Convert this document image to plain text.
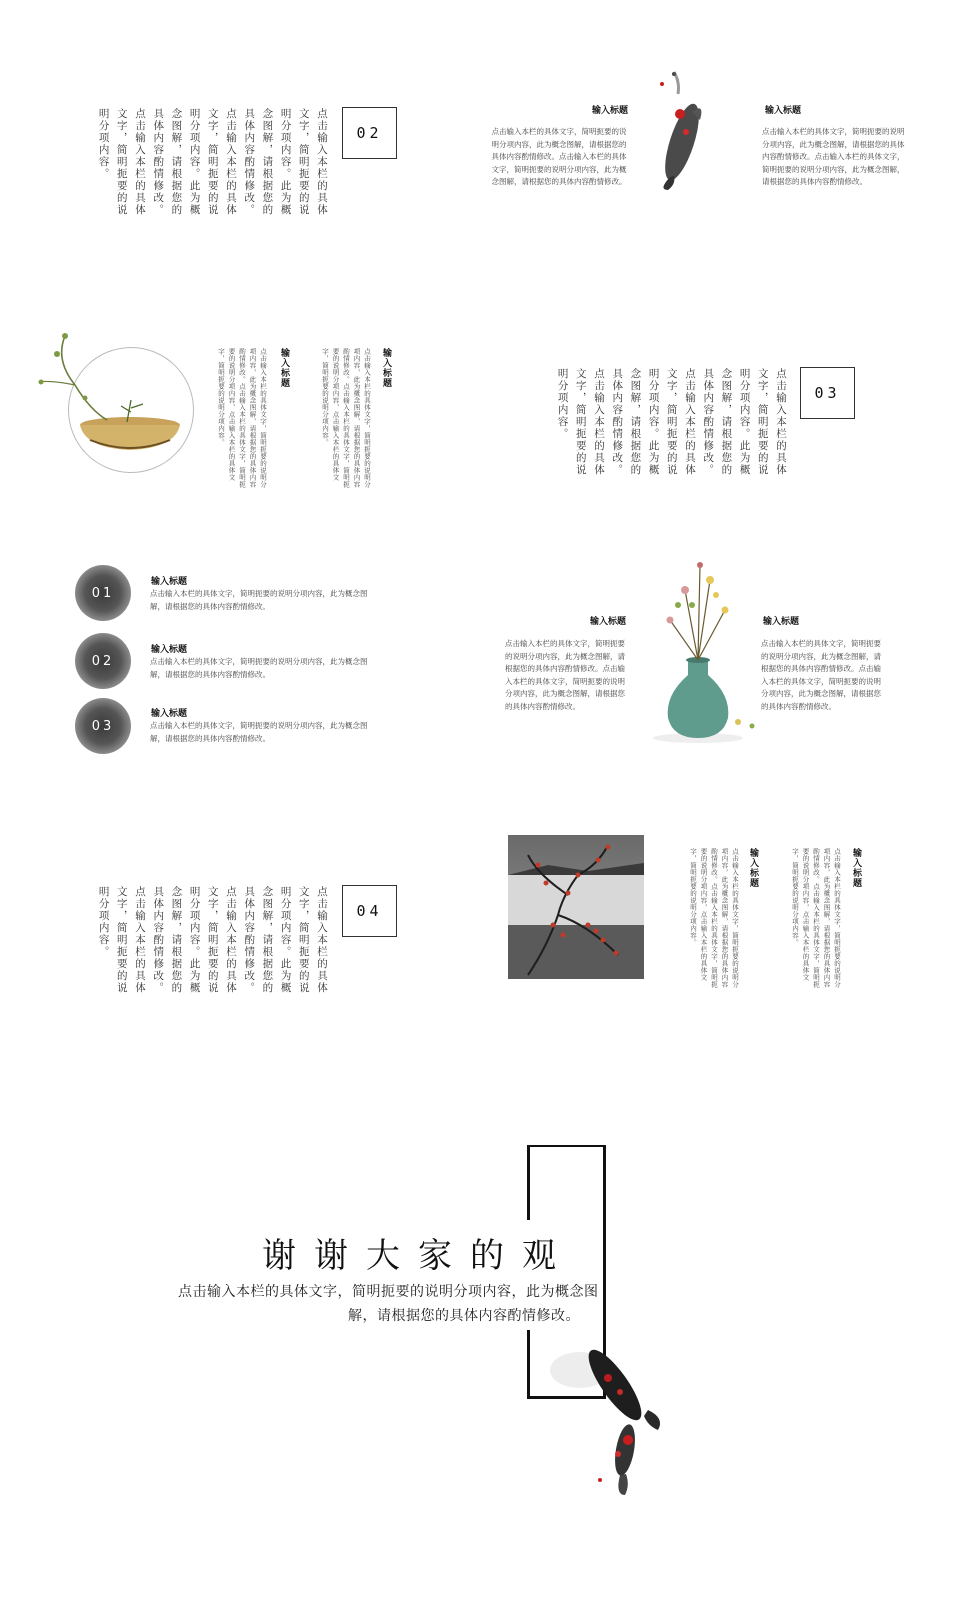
点击输入本栏的具体
文字，简明扼要的说
明分项内容。此为概
念图解，请根据您的
具体内容酌情修改。
点击输入本栏的具体
文字，简明扼要的说
明分项内容。此为概
念图解，请根据您的
具体内容酌情修改。
点击输入本栏的具体
文字，简明扼要的说
明分项内容。	02
输入标题
点击输入本栏的具体文字，简明扼要的说明分项内容，此为概念图解，请根据您的具体内容酌情修改。点击输入本栏的具体文字，简明扼要的说明分项内容，此为概念图解，请根据您的具体内容酌情修改。
输入标题
点击输入本栏的具体文字，简明扼要的说明分项内容，此为概念图解，请根据您的具体内容酌情修改。点击输入本栏的具体文字，简明扼要的说明分项内容，此为概念图解，请根据您的具体内容酌情修改。
输入标题
点击输入本栏的具体文字，简明扼要的说明分
项内容，此为概念图解，请根据您的具体内容
酌情修改。点击输入本栏的具体文字，简明扼
要的说明分项内容，点击输入本栏的具体文
字，简明扼要的说明分项内容。
输入标题
点击输入本栏的具体文字，简明扼要的说明分
项内容，此为概念图解，请根据您的具体内容
酌情修改。点击输入本栏的具体文字，简明扼
要的说明分项内容，点击输入本栏的具体文
字，简明扼要的说明分项内容。	点击输入本栏的具体
文字，简明扼要的说
明分项内容。此为概
念图解，请根据您的
具体内容酌情修改。
点击输入本栏的具体
文字，简明扼要的说
明分项内容。此为概
念图解，请根据您的
具体内容酌情修改。
点击输入本栏的具体
文字，简明扼要的说
明分项内容。	03
01
输入标题
点击输入本栏的具体文字，简明扼要的说明分项内容，此为概念图解，请根据您的具体内容酌情修改。
02
输入标题
点击输入本栏的具体文字，简明扼要的说明分项内容，此为概念图解，请根据您的具体内容酌情修改。
03
输入标题
点击输入本栏的具体文字，简明扼要的说明分项内容，此为概念图解，请根据您的具体内容酌情修改。
输入标题
点击输入本栏的具体文字，简明扼要的说明分项内容，此为概念图解，请根据您的具体内容酌情修改。点击输入本栏的具体文字，简明扼要的说明分项内容，此为概念图解，请根据您的具体内容酌情修改。
输入标题
点击输入本栏的具体文字，简明扼要的说明分项内容，此为概念图解，请根据您的具体内容酌情修改。点击输入本栏的具体文字，简明扼要的说明分项内容，此为概念图解，请根据您的具体内容酌情修改。
点击输入本栏的具体
文字，简明扼要的说
明分项内容。此为概
念图解，请根据您的
具体内容酌情修改。
点击输入本栏的具体
文字，简明扼要的说
明分项内容。此为概
念图解，请根据您的
具体内容酌情修改。
点击输入本栏的具体
文字，简明扼要的说
明分项内容。	04
输入标题
点击输入本栏的具体文字，简明扼要的说明分
项内容，此为概念图解，请根据您的具体内容
酌情修改。点击输入本栏的具体文字，简明扼
要的说明分项内容，点击输入本栏的具体文
字，简明扼要的说明分项内容。
输入标题
点击输入本栏的具体文字，简明扼要的说明分
项内容，此为概念图解，请根据您的具体内容
酌情修改。点击输入本栏的具体文字，简明扼
要的说明分项内容，点击输入本栏的具体文
字，简明扼要的说明分项内容。
谢谢大家的观
点击输入本栏的具体文字，简明扼要的说明分项内容，此为概念图
解，请根据您的具体内容酌情修改。
